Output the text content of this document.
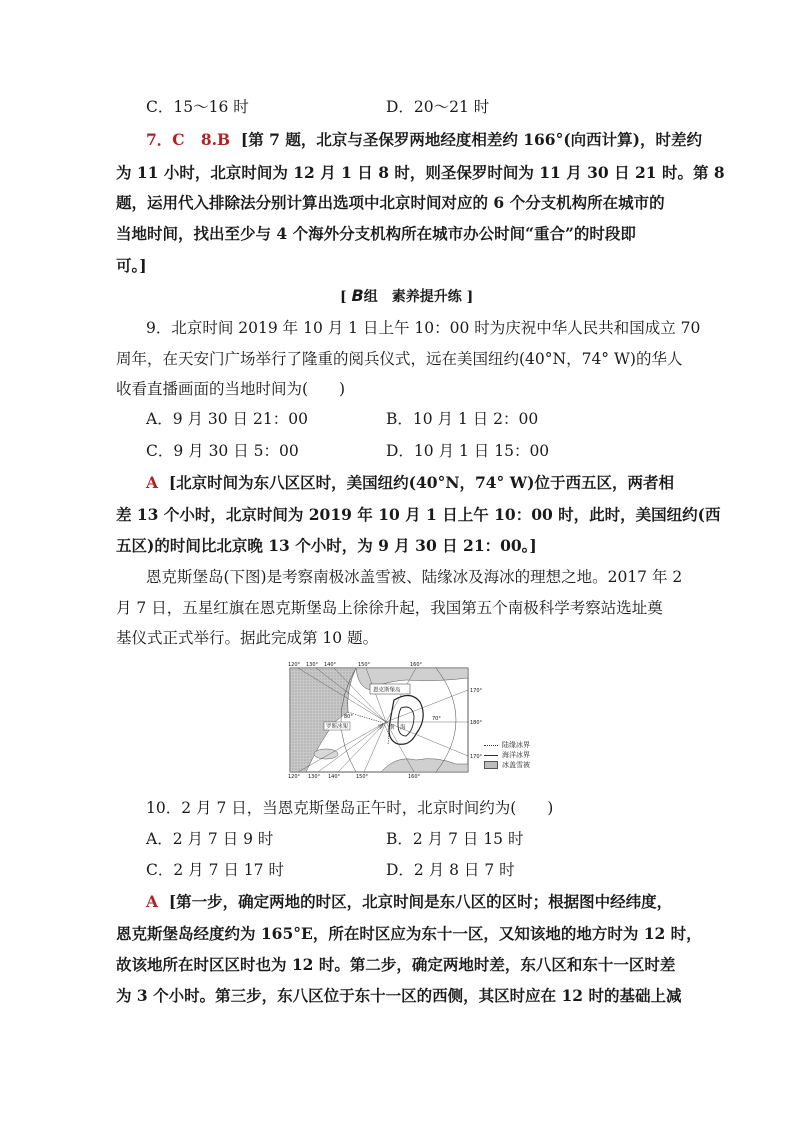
C．15～16 时	D．20～21 时
7．C 8.B [第 7 题，北京与圣保罗两地经度相差约 166°(向西计算)，时差约
为 11 小时，北京时间为 12 月 1 日 8 时，则圣保罗时间为 11 月 30 日 21 时。第 8
题，运用代入排除法分别计算出选项中北京时间对应的 6 个分支机构所在城市的
当地时间，找出至少与 4 个海外分支机构所在城市办公时间“重合”的时段即
可。]
[ B组　素养提升练 ]
9．北京时间 2019 年 10 月 1 日上午 10：00 时为庆祝中华人民共和国成立 70
周年，在天安门广场举行了隆重的阅兵仪式，远在美国纽约(40°N，74° W)的华人
收看直播画面的当地时间为(　　)
A．9 月 30 日 21：00	B．10 月 1 日 2：00
C．9 月 30 日 5：00	D．10 月 1 日 15：00
A [北京时间为东八区区时，美国纽约(40°N，74° W)位于西五区，两者相
差 13 个小时，北京时间为 2019 年 10 月 1 日上午 10：00 时，此时，美国纽约(西
五区)的时间比北京晚 13 个小时，为 9 月 30 日 21：00。]
恩克斯堡岛(下图)是考察南极冰盖雪被、陆缘冰及海冰的理想之地。2017 年 2
月 7 日，五星红旗在恩克斯堡岛上徐徐升起，我国第五个南极科学考察站选址奠
基仪式正式举行。据此完成第 10 题。
恩克斯堡岛
罗斯冰架	罗　斯　海
80°	70°
120° 130° 140°	150°	160°
120° 130° 140°	150°	160°
170°
180°
170°
陆缘冰界
海洋冰界
冰盖雪被
10．2 月 7 日，当恩克斯堡岛正午时，北京时间约为(　　)
A．2 月 7 日 9 时	B．2 月 7 日 15 时
C．2 月 7 日 17 时	D．2 月 8 日 7 时
A [第一步，确定两地的时区，北京时间是东八区的区时；根据图中经纬度，
恩克斯堡岛经度约为 165°E，所在时区应为东十一区，又知该地的地方时为 12 时，
故该地所在时区区时也为 12 时。第二步，确定两地时差，东八区和东十一区时差
为 3 个小时。第三步，东八区位于东十一区的西侧，其区时应在 12 时的基础上减
